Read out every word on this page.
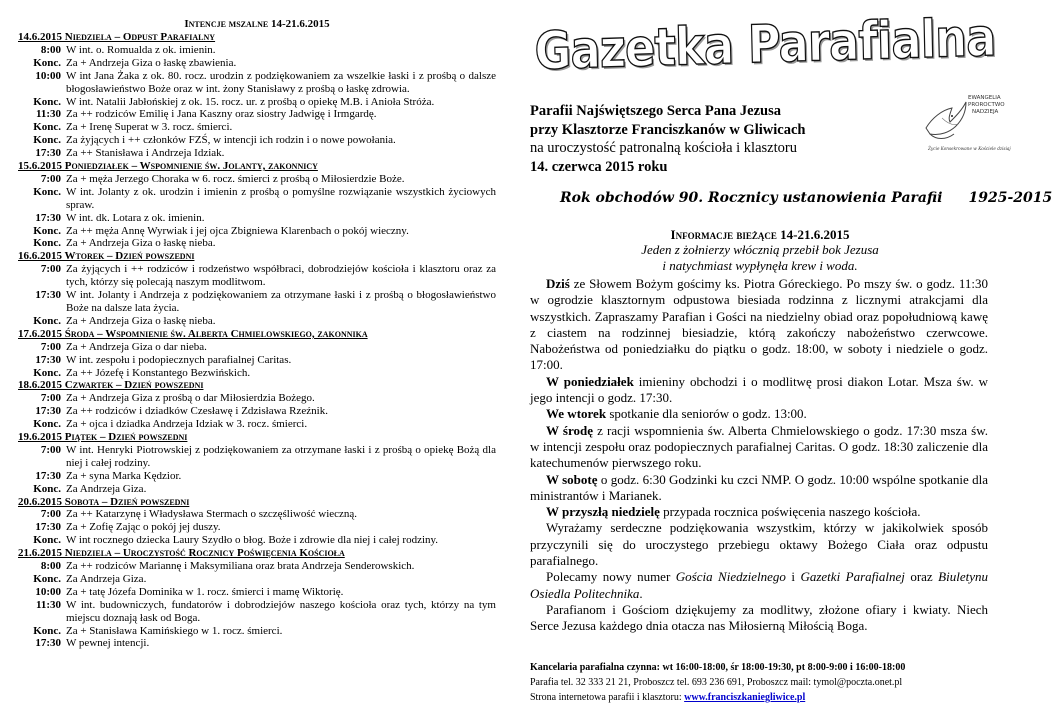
Intencje mszalne 14-21.6.2015
14.6.2015 Niedziela – Odpust Parafialny
8:00 W int. o. Romualda z ok. imienin.
Konc. Za + Andrzeja Giza o łaskę zbawienia.
10:00 W int Jana Żaka z ok. 80. rocz. urodzin z podziękowaniem za wszelkie łaski i z prośbą o dalsze błogosławieństwo Boże oraz w int. żony Stanisławy z prośbą o łaskę zdrowia.
Konc. W int. Natalii Jabłońskiej z ok. 15. rocz. ur. z prośbą o opiekę M.B. i Anioła Stróża.
11:30 Za ++ rodziców Emilię i Jana Kaszny oraz siostry Jadwigę i Irmgardę.
Konc. Za + Irenę Superat w 3. rocz. śmierci.
Konc. Za żyjących i ++ członków FZŚ, w intencji ich rodzin i o nowe powołania.
17:30 Za ++ Stanisława i Andrzeja Idziak.
15.6.2015 Poniedziałek – Wspomnienie św. Jolanty, zakonnicy
7:00 Za + męża Jerzego Choraka w 6. rocz. śmierci z prośbą o Miłosierdzie Boże.
Konc. W int. Jolanty z ok. urodzin i imienin z prośbą o pomyślne rozwiązanie wszystkich życiowych spraw.
17:30 W int. dk. Lotara z ok. imienin.
Konc. Za ++ męża Annę Wyrwiak i jej ojca Zbigniewa Klarenbach o pokój wieczny.
Konc. Za + Andrzeja Giza o łaskę nieba.
16.6.2015 Wtorek – Dzień powszedni
7:00 Za żyjących i ++ rodziców i rodzeństwo współbraci, dobrodziejów kościoła i klasztoru oraz za tych, którzy się polecają naszym modlitwom.
17:30 W int. Jolanty i Andrzeja z podziękowaniem za otrzymane łaski i z prośbą o błogosławieństwo Boże na dalsze lata życia.
Konc. Za + Andrzeja Giza o łaskę nieba.
17.6.2015 Środa – Wspomnienie św. Alberta Chmielowskiego, zakonnika
7:00 Za + Andrzeja Giza o dar nieba.
17:30 W int. zespołu i podopiecznych parafialnej Caritas.
Konc. Za ++ Józefę i Konstantego Bezwińskich.
18.6.2015 Czwartek – Dzień powszedni
7:00 Za + Andrzeja Giza z prośbą o dar Miłosierdzia Bożego.
17:30 Za ++ rodziców i dziadków Czesławę i Zdzisława Rzeźnik.
Konc. Za + ojca i dziadka Andrzeja Idziak w 3. rocz. śmierci.
19.6.2015 Piątek – Dzień powszedni
7:00 W int. Henryki Piotrowskiej z podziękowaniem za otrzymane łaski i z prośbą o opiekę Bożą dla niej i całej rodziny.
17:30 Za + syna Marka Kędzior.
Konc. Za Andrzeja Giza.
20.6.2015 Sobota – Dzień powszedni
7:00 Za ++ Katarzynę i Władysława Stermach o szczęśliwość wieczną.
17:30 Za + Zofię Zając o pokój jej duszy.
Konc. W int rocznego dziecka Laury Szydło o błog. Boże i zdrowie dla niej i całej rodziny.
21.6.2015 Niedziela – Uroczystość Rocznicy Poświęcenia Kościoła
8:00 Za ++ rodziców Mariannę i Maksymiliana oraz brata Andrzeja Senderowskich.
Konc. Za Andrzeja Giza.
10:00 Za + tatę Józefa Dominika w 1. rocz. śmierci i mamę Wiktorię.
11:30 W int. budowniczych, fundatorów i dobrodziejów naszego kościoła oraz tych, którzy na tym miejscu doznają łask od Boga.
Konc. Za + Stanisława Kamińskiego w 1. rocz. śmierci.
17:30 W pewnej intencji.
Gazetka Parafialna
Parafii Najświętszego Serca Pana Jezusa
przy Klasztorze Franciszkanów w Gliwicach
na uroczystość patronalną kościoła i klasztoru
14. czerwca 2015 roku
EWANGELIA
PROROCTWO
NADZIEJA
Życie Konsekrowane w Kościele dzisiaj
Rok obchodów 90. Rocznicy ustanowienia Parafii 1925-2015
Informacje bieżące 14-21.6.2015
Jeden z żołnierzy włócznią przebił bok Jezusa
i natychmiast wypłynęła krew i woda.

Dziś ze Słowem Bożym gościmy ks. Piotra Góreckiego. Po mszy św. o godz. 11:30 w ogrodzie klasztornym odpustowa biesiada rodzinna z licznymi atrakcjami dla wszystkich. Zapraszamy Parafian i Gości na niedzielny obiad oraz popołudniową kawę z ciastem na rodzinnej biesiadzie, którą zakończy nabożeństwo czerwcowe. Nabożeństwa od poniedziałku do piątku o godz. 18:00, w soboty i niedziele o godz. 17:00.

W poniedziałek imieniny obchodzi i o modlitwę prosi diakon Lotar. Msza św. w jego intencji o godz. 17:30.

We wtorek spotkanie dla seniorów o godz. 13:00.

W środę z racji wspomnienia św. Alberta Chmielowskiego o godz. 17:30 msza św. w intencji zespołu oraz podopiecznych parafialnej Caritas. O godz. 18:30 zaliczenie dla katechumenów pierwszego roku.

W sobotę o godz. 6:30 Godzinki ku czci NMP. O godz. 10:00 wspólne spotkanie dla ministrantów i Marianek.

W przyszłą niedzielę przypada rocznica poświęcenia naszego kościoła.

Wyrażamy serdeczne podziękowania wszystkim, którzy w jakikolwiek sposób przyczynili się do uroczystego przebiegu oktawy Bożego Ciała oraz odpustu parafialnego.

Polecamy nowy numer Gościa Niedzielnego i Gazetki Parafialnej oraz Biuletynu Osiedla Politechnika.

Parafianom i Gościom dziękujemy za modlitwy, złożone ofiary i kwiaty. Niech Serce Jezusa każdego dnia otacza nas Miłosierną Miłością Boga.

Kancelaria parafialna czynna: wt 16:00-18:00, śr 18:00-19:30, pt 8:00-9:00 i 16:00-18:00
Parafia tel. 32 333 21 21, Proboszcz tel. 693 236 691, Proboszcz mail: tymol@poczta.onet.pl
Strona internetowa parafii i klasztoru: www.franciszkaniegliwice.pl
